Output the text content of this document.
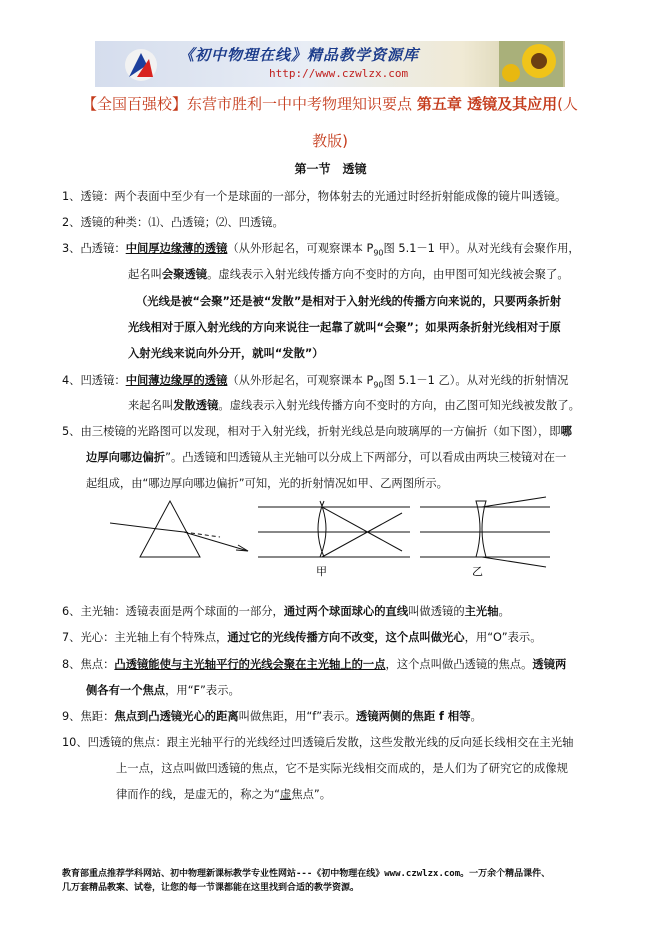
《初中物理在线》精品教学资源库
http://www.czwlzx.com
【全国百强校】东营市胜利一中中考物理知识要点 第五章 透镜及其应用(人
教版)
第一节　透镜
1、透镜：两个表面中至少有一个是球面的一部分，物体射去的光通过时经折射能成像的镜片叫透镜。
2、透镜的种类：⑴、凸透镜；⑵、凹透镜。
3、凸透镜：中间厚边缘薄的透镜（从外形起名，可观察课本 $P_{90}$图 5.1－1 甲）。从对光线有会聚作用，
起名叫会聚透镜。虚线表示入射光线传播方向不变时的方向，由甲图可知光线被会聚了。
（光线是被“会聚”还是被“发散”是相对于入射光线的传播方向来说的，只要两条折射
光线相对于原入射光线的方向来说往一起靠了就叫“会聚”；如果两条折射光线相对于原
入射光线来说向外分开，就叫“发散”）
4、凹透镜：中间薄边缘厚的透镜（从外形起名，可观察课本 $P_{90}$图 5.1－1 乙）。从对光线的折射情况
来起名叫发散透镜。虚线表示入射光线传播方向不变时的方向，由乙图可知光线被发散了。
5、由三棱镜的光路图可以发现，相对于入射光线，折射光线总是向玻璃厚的一方偏折（如下图），即哪
边厚向哪边偏折”。凸透镜和凹透镜从主光轴可以分成上下两部分，可以看成由两块三棱镜对在一
起组成，由“哪边厚向哪边偏折”可知，光的折射情况如甲、乙两图所示。
甲	乙
6、主光轴：透镜表面是两个球面的一部分，通过两个球面球心的直线叫做透镜的主光轴。
7、光心：主光轴上有个特殊点，通过它的光线传播方向不改变，这个点叫做光心，用“O”表示。
8、焦点：凸透镜能使与主光轴平行的光线会聚在主光轴上的一点，这个点叫做凸透镜的焦点。透镜两
侧各有一个焦点，用“F”表示。
9、焦距：焦点到凸透镜光心的距离叫做焦距，用“f”表示。透镜两侧的焦距 f 相等。
10、凹透镜的焦点：跟主光轴平行的光线经过凹透镜后发散，这些发散光线的反向延长线相交在主光轴
上一点，这点叫做凹透镜的焦点，它不是实际光线相交而成的，是人们为了研究它的成像规
律而作的线，是虚无的，称之为“虚焦点”。
教育部重点推荐学科网站、初中物理新课标教学专业性网站---《初中物理在线》www.czwlzx.com。一万余个精品课件、
几万套精品教案、试卷，让您的每一节课都能在这里找到合适的教学资源。
